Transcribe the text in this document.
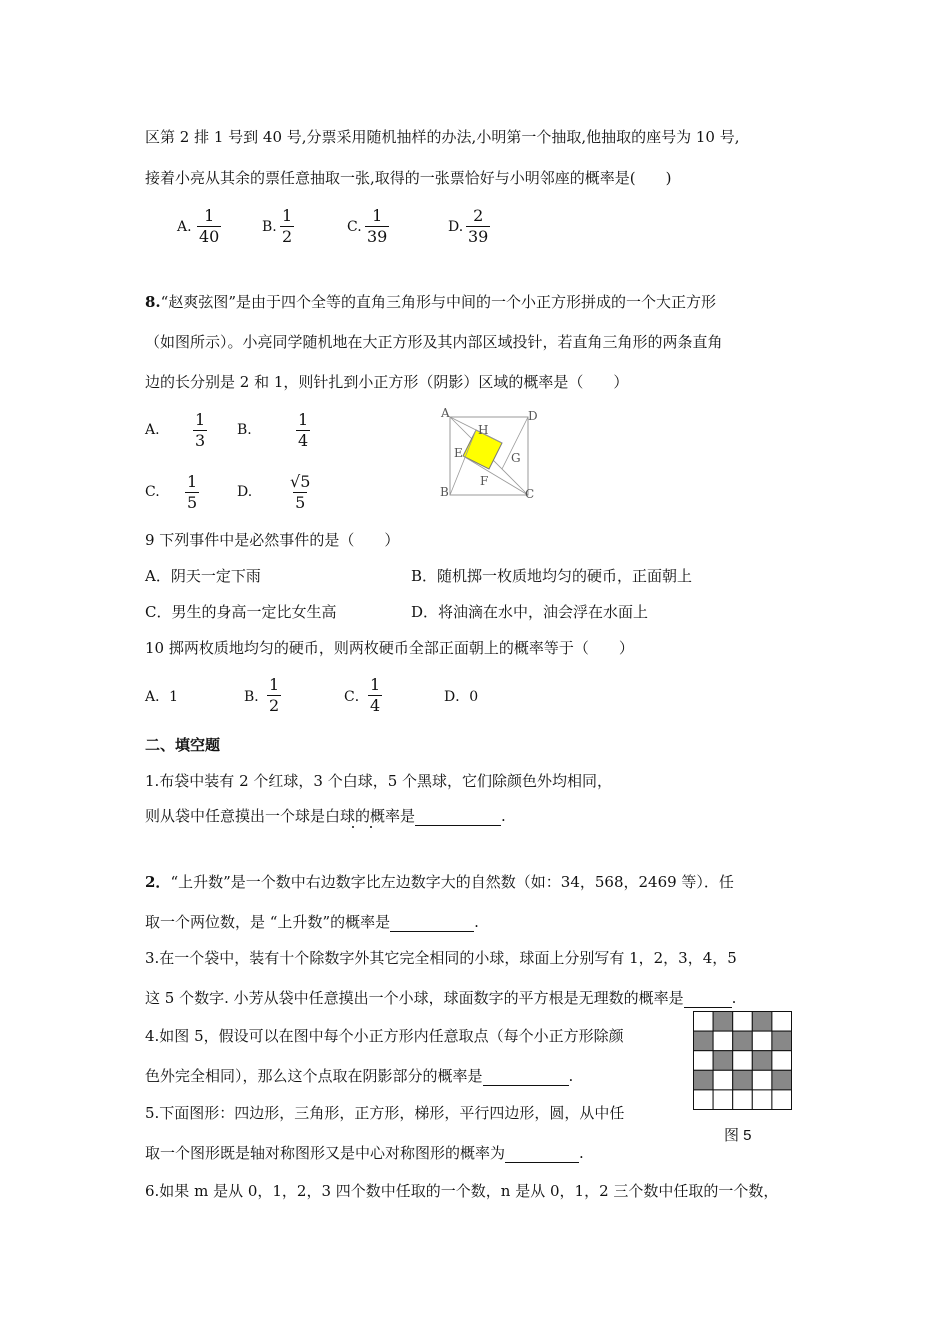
区第 2 排 1 号到 40 号,分票采用随机抽样的办法,小明第一个抽取,他抽取的座号为 10 号,
接着小亮从其余的票任意抽取一张,取得的一张票恰好与小明邻座的概率是(　　)
A. $\frac{1}{40}$	B. $\frac{1}{2}$	C. $\frac{1}{39}$	D. $\frac{2}{39}$
8.“赵爽弦图”是由于四个全等的直角三角形与中间的一个小正方形拼成的一个大正方形
（如图所示）。小亮同学随机地在大正方形及其内部区域投针，若直角三角形的两条直角
边的长分别是 2 和 1，则针扎到小正方形（阴影）区域的概率是（　　）
A. $\frac{1}{3} B$.	$\frac{1}{4}$
C. $\frac{1}{5}$	D. $\frac{√5}{5}$
A	D
H
E	G
F
B	C
9 下列事件中是必然事件的是（　　）
A．阴天一定下雨	B．随机掷一枚质地均匀的硬币，正面朝上
C．男生的身高一定比女生高	D．将油滴在水中，油会浮在水面上
10 掷两枚质地均匀的硬币，则两枚硬币全部正面朝上的概率等于（　　）
A．1	B．
$\frac{1}{2}$	C． $\frac{1}{4}$	D．0
二、填空题
1.布袋中装有 2 个红球，3 个白球，5 个黑球，它们除颜色外均相同，
则从袋中任意摸出一个球是白球的概率是	.
2．“上升数”是一个数中右边数字比左边数字大的自然数（如：34，568，2469 等）．任
取一个两位数，是 “上升数”的概率是	.
3.在一个袋中，装有十个除数字外其它完全相同的小球，球面上分别写有 1，2，3，4，5
这 5 个数字. 小芳从袋中任意摸出一个小球，球面数字的平方根是无理数的概率是	.
4.如图 5，假设可以在图中每个小正方形内任意取点（每个小正方形除颜
色外完全相同），那么这个点取在阴影部分的概率是	.
5.下面图形：四边形，三角形，正方形，梯形，平行四边形，圆，从中任
取一个图形既是轴对称图形又是中心对称图形的概率为	.
6.如果 m 是从 0，1，2，3 四个数中任取的一个数，n 是从 0，1，2 三个数中任取的一个数，
图 5
